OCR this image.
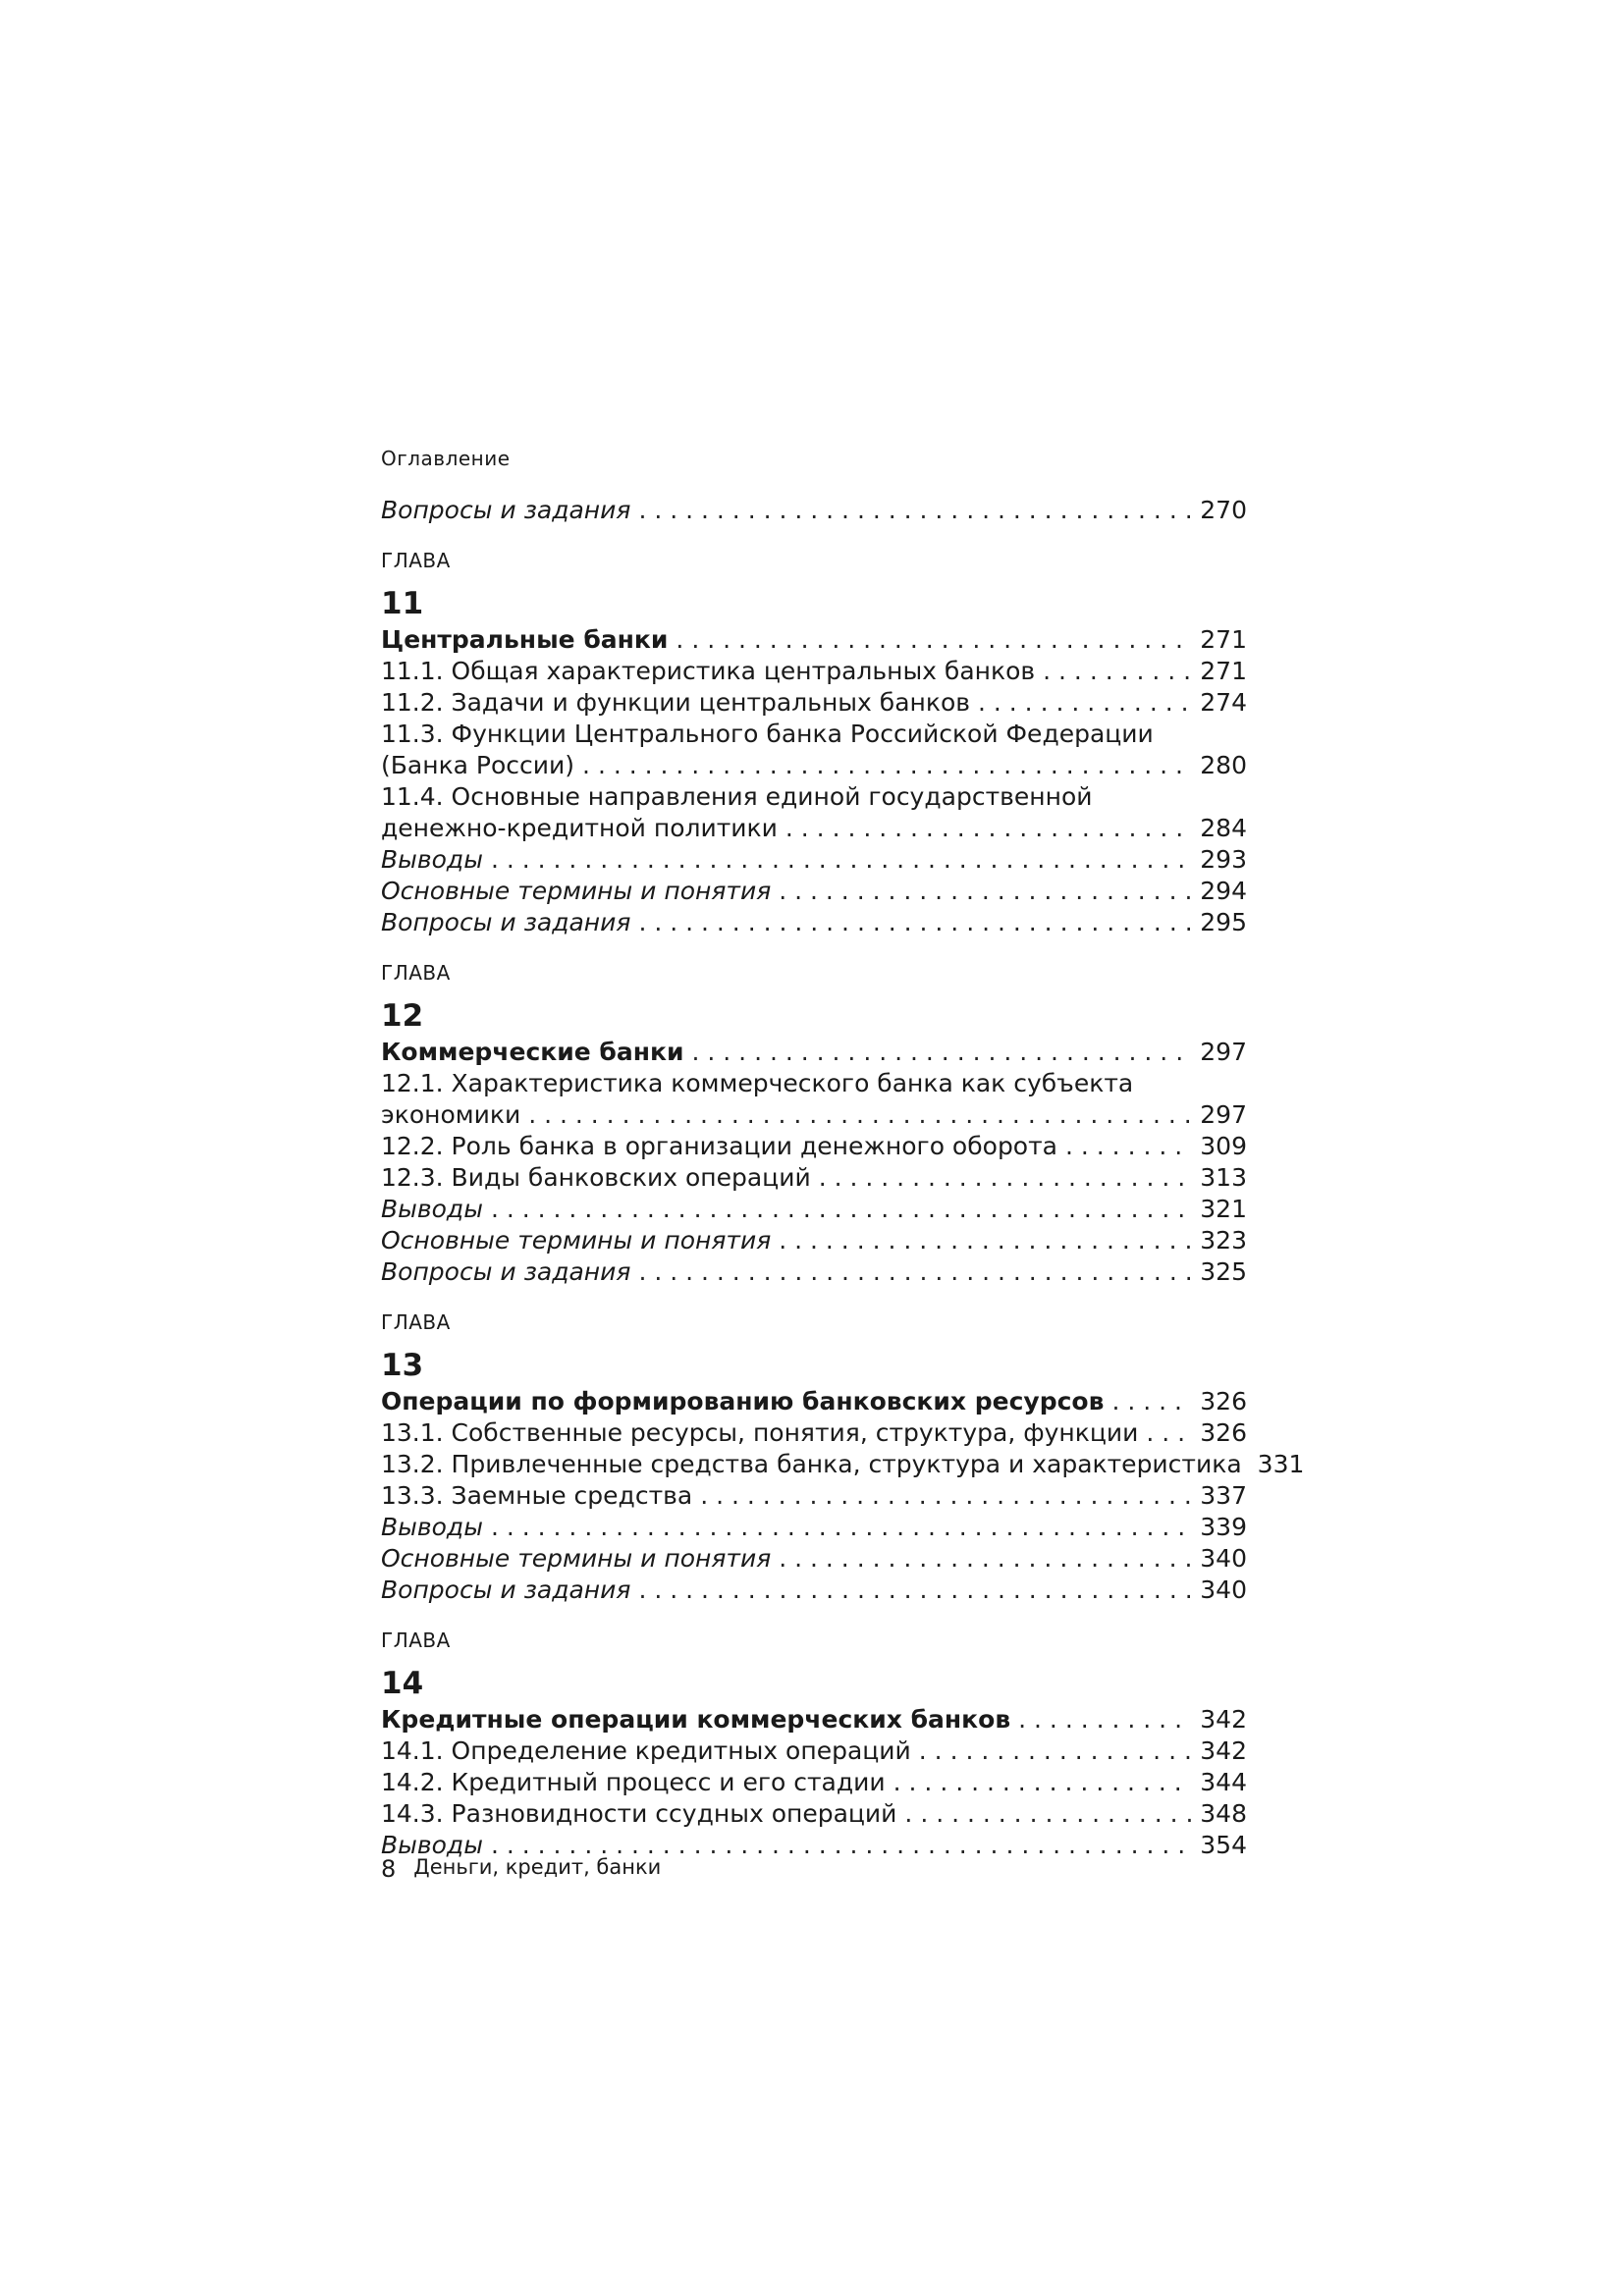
Оглавление
Вопросы и задания . . .	270
ГЛАВА
11
Центральные банки . . .	271
11.1. Общая характеристика центральных банков . . .	271
11.2. Задачи и функции центральных банков . . .	274
11.3. Функции Центрального банка Российской Федерации
(Банка России) . . .	280
11.4. Основные направления единой государственной
денежно-кредитной политики . . .	284
Выводы . . .	293
Основные термины и понятия . . .	294
Вопросы и задания . . .	295
ГЛАВА
12
Коммерческие банки . . .	297
12.1. Характеристика коммерческого банка как субъекта
экономики . . .	297
12.2. Роль банка в организации денежного оборота . . .	309
12.3. Виды банковских операций . . .	313
Выводы . . .	321
Основные термины и понятия . . .	323
Вопросы и задания . . .	325
ГЛАВА
13
Операции по формированию банковских ресурсов . . .	326
13.1. Собственные ресурсы, понятия, структура, функции . . .	326
13.2. Привлеченные средства банка, структура и характеристика 331
13.3. Заемные средства . . .	337
Выводы . . .	339
Основные термины и понятия . . .	340
Вопросы и задания . . .	340
ГЛАВА
14
Кредитные операции коммерческих банков . . .	342
14.1. Определение кредитных операций . . .	342
14.2. Кредитный процесс и его стадии . . .	344
14.3. Разновидности ссудных операций . . .	348
Выводы . . .	354
8 Деньги, кредит, банки
